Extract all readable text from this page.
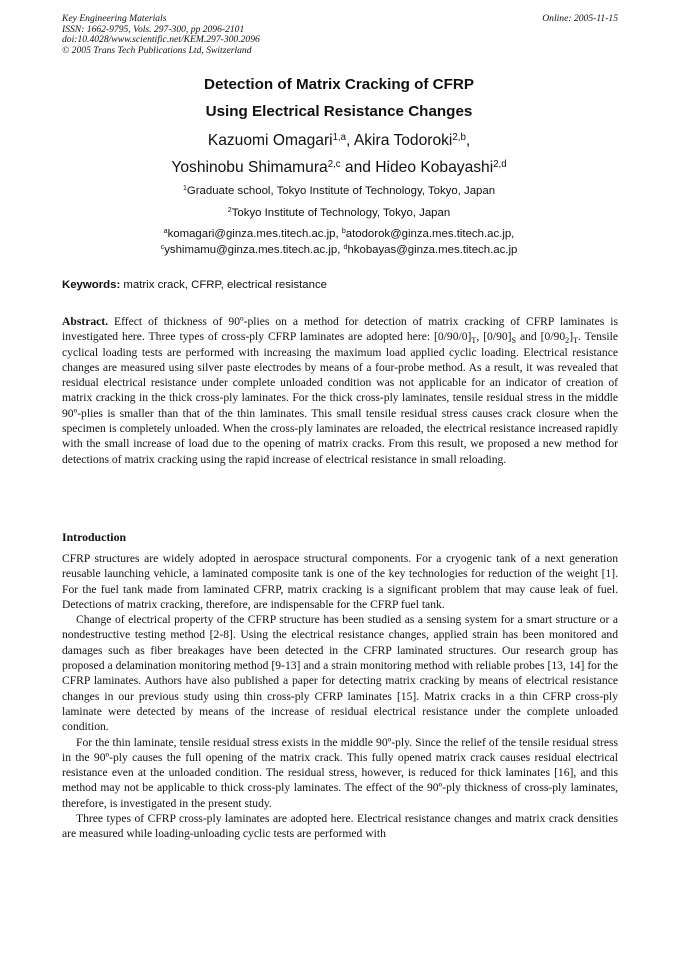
Key Engineering Materials
ISSN: 1662-9795, Vols. 297-300, pp 2096-2101
doi:10.4028/www.scientific.net/KEM.297-300.2096
© 2005 Trans Tech Publications Ltd, Switzerland
Online: 2005-11-15
Detection of Matrix Cracking of CFRP
Using Electrical Resistance Changes
Kazuomi Omagari$^{1,a}$, Akira Todoroki$^{2,b}$,
Yoshinobu Shimamura$^{2,c}$ and Hideo Kobayashi$^{2,d}$
$^1$Graduate school, Tokyo Institute of Technology, Tokyo, Japan
$^2$Tokyo Institute of Technology, Tokyo, Japan
$^a$komagari@ginza.mes.titech.ac.jp, $^b$atodorok@ginza.mes.titech.ac.jp,
$^c$yshimamu@ginza.mes.titech.ac.jp, $^d$hkobayas@ginza.mes.titech.ac.jp
Keywords: matrix crack, CFRP, electrical resistance

Abstract. Effect of thickness of 90º-plies on a method for detection of matrix cracking of CFRP laminates is investigated here. Three types of cross-ply CFRP laminates are adopted here: $[0/90/0]_T$, $[0/90]_S$ and $[0/90_2]_T$. Tensile cyclical loading tests are performed with increasing the maximum load applied cyclic loading. Electrical resistance changes are measured using silver paste electrodes by means of a four-probe method. As a result, it was revealed that residual electrical resistance under complete unloaded condition was not applicable for an indicator of creation of matrix cracking in the thick cross-ply laminates. For the thick cross-ply laminates, tensile residual stress in the middle 90º-plies is smaller than that of the thin laminates. This small tensile residual stress causes crack closure when the specimen is completely unloaded. When the cross-ply laminates are reloaded, the electrical resistance increased rapidly with the small increase of load due to the opening of matrix cracks. From this result, we proposed a new method for detections of matrix cracking using the rapid increase of electrical resistance in small reloading.

Introduction

CFRP structures are widely adopted in aerospace structural components. For a cryogenic tank of a next generation reusable launching vehicle, a laminated composite tank is one of the key technologies for reduction of the weight [1]. For the fuel tank made from laminated CFRP, matrix cracking is a significant problem that may cause leak of fuel. Detections of matrix cracking, therefore, are indispensable for the CFRP fuel tank.

Change of electrical property of the CFRP structure has been studied as a sensing system for a smart structure or a nondestructive testing method [2-8]. Using the electrical resistance changes, applied strain has been monitored and damages such as fiber breakages have been detected in the CFRP laminated structures. Our research group has proposed a delamination monitoring method [9-13] and a strain monitoring method with reliable probes [13, 14] for the CFRP laminates. Authors have also published a paper for detecting matrix cracking by means of electrical resistance changes in our previous study using thin cross-ply CFRP laminates [15]. Matrix cracks in a thin CFRP cross-ply laminate were detected by means of the increase of residual electrical resistance under the complete unloaded condition.

For the thin laminate, tensile residual stress exists in the middle 90º-ply. Since the relief of the tensile residual stress in the 90º-ply causes the full opening of the matrix crack. This fully opened matrix crack causes residual electrical resistance even at the unloaded condition. The residual stress, however, is reduced for thick laminates [16], and this method may not be applicable to thick cross-ply laminates. The effect of the 90º-ply thickness of cross-ply laminates, therefore, is investigated in the present study.

Three types of CFRP cross-ply laminates are adopted here. Electrical resistance changes and matrix crack densities are measured while loading-unloading cyclic tests are performed with
